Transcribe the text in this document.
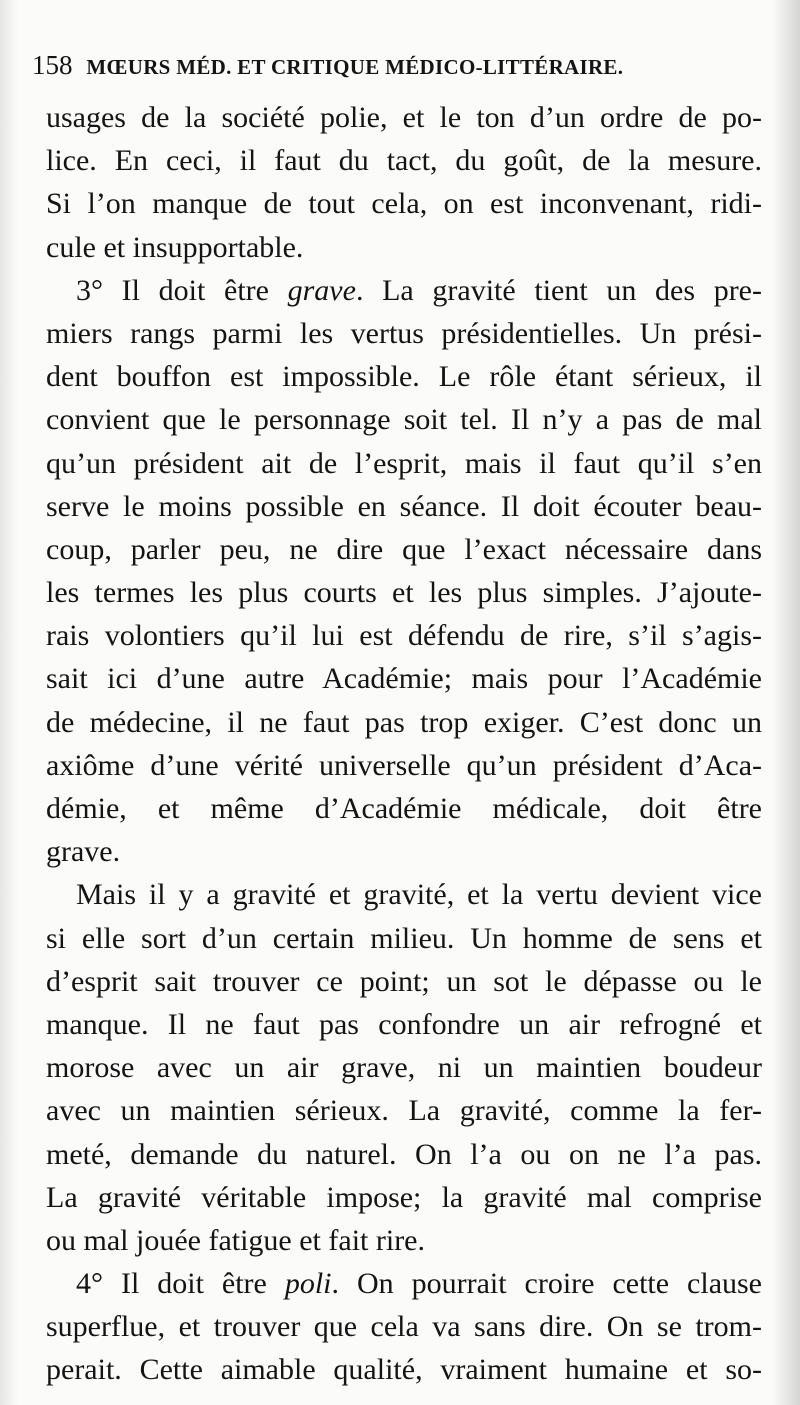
158 MŒURS MÉD. ET CRITIQUE MÉDICO-LITTÉRAIRE.
usages de la société polie, et le ton d’un ordre de po-
lice. En ceci, il faut du tact, du goût, de la mesure.
Si l’on manque de tout cela, on est inconvenant, ridi-
cule et insupportable.
3° Il doit être grave. La gravité tient un des pre-
miers rangs parmi les vertus présidentielles. Un prési-
dent bouffon est impossible. Le rôle étant sérieux, il
convient que le personnage soit tel. Il n’y a pas de mal
qu’un président ait de l’esprit, mais il faut qu’il s’en
serve le moins possible en séance. Il doit écouter beau-
coup, parler peu, ne dire que l’exact nécessaire dans
les termes les plus courts et les plus simples. J’ajoute-
rais volontiers qu’il lui est défendu de rire, s’il s’agis-
sait ici d’une autre Académie; mais pour l’Académie
de médecine, il ne faut pas trop exiger. C’est donc un
axiôme d’une vérité universelle qu’un président d’Aca-
démie, et même d’Académie médicale, doit être
grave.
Mais il y a gravité et gravité, et la vertu devient vice
si elle sort d’un certain milieu. Un homme de sens et
d’esprit sait trouver ce point; un sot le dépasse ou le
manque. Il ne faut pas confondre un air refrogné et
morose avec un air grave, ni un maintien boudeur
avec un maintien sérieux. La gravité, comme la fer-
meté, demande du naturel. On l’a ou on ne l’a pas.
La gravité véritable impose; la gravité mal comprise
ou mal jouée fatigue et fait rire.
4° Il doit être poli. On pourrait croire cette clause
superflue, et trouver que cela va sans dire. On se trom-
perait. Cette aimable qualité, vraiment humaine et so-
